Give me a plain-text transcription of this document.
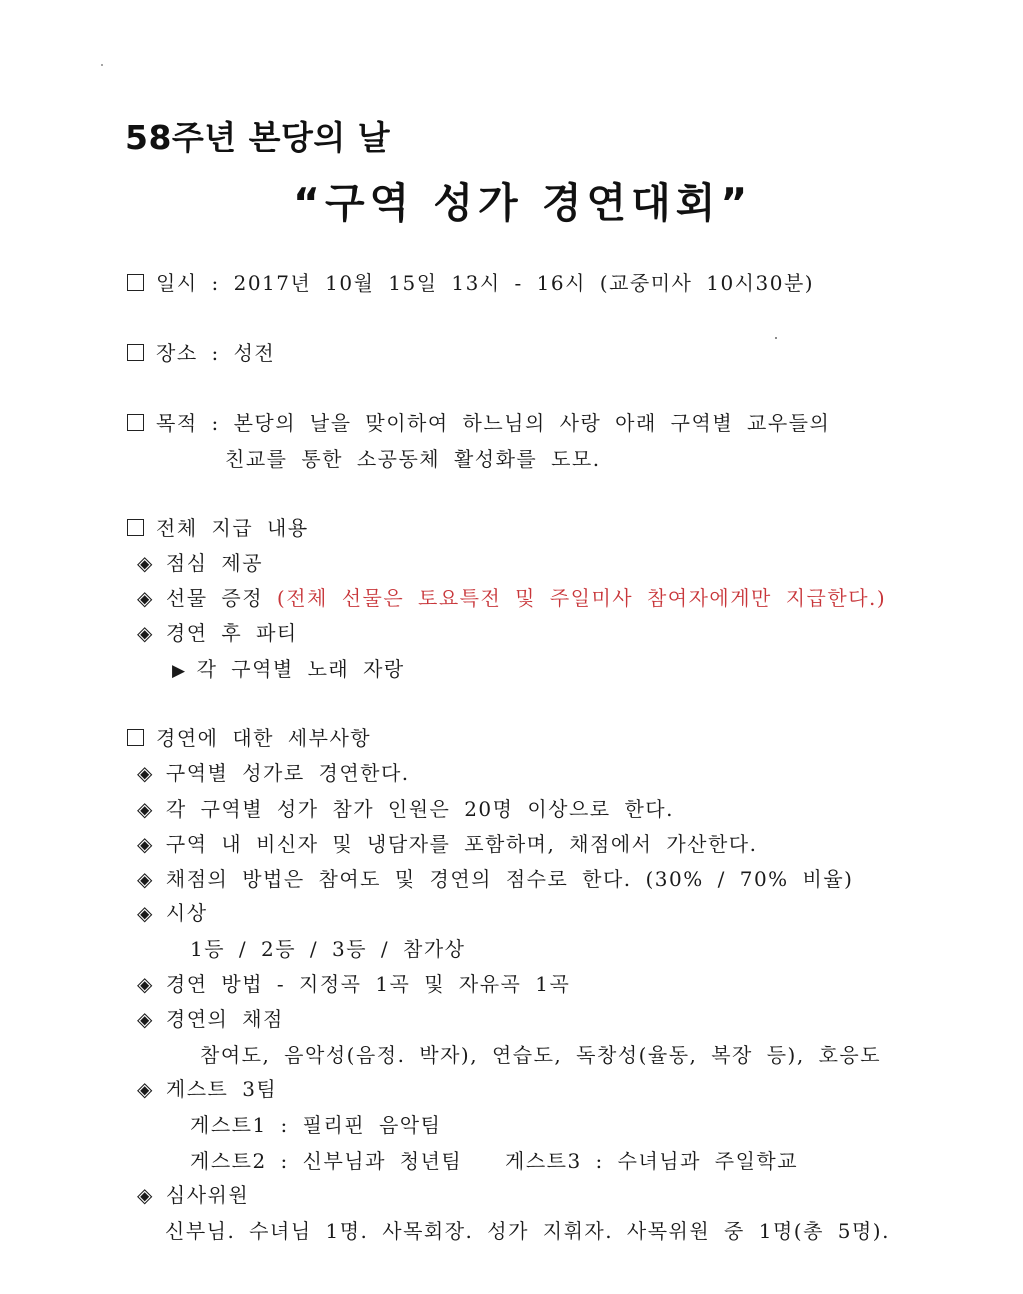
58주년 본당의 날
“구역 성가 경연대회”
일시 : 2017년 10월 15일 13시 - 16시 (교중미사 10시30분)
장소 : 성전
목적 : 본당의 날을 맞이하여 하느님의 사랑 아래 구역별 교우들의
친교를 통한 소공동체 활성화를 도모.
전체 지급 내용
◈ 점심 제공
◈ 선물 증정 (전체 선물은 토요특전 및 주일미사 참여자에게만 지급한다.)
◈ 경연 후 파티
▶ 각 구역별 노래 자랑
경연에 대한 세부사항
◈ 구역별 성가로 경연한다.
◈ 각 구역별 성가 참가 인원은 20명 이상으로 한다.
◈ 구역 내 비신자 및 냉담자를 포함하며, 채점에서 가산한다.
◈ 채점의 방법은 참여도 및 경연의 점수로 한다. (30% / 70% 비율)
◈ 시상
1등 / 2등 / 3등 / 참가상
◈ 경연 방법 - 지정곡 1곡 및 자유곡 1곡
◈ 경연의 채점
참여도, 음악성(음정. 박자), 연습도, 독창성(율동, 복장 등), 호응도
◈ 게스트 3팀
게스트1 : 필리핀 음악팀
게스트2 : 신부님과 청년팀 게스트3 : 수녀님과 주일학교
◈ 심사위원
신부님. 수녀님 1명. 사목회장. 성가 지휘자. 사목위원 중 1명(총 5명).
